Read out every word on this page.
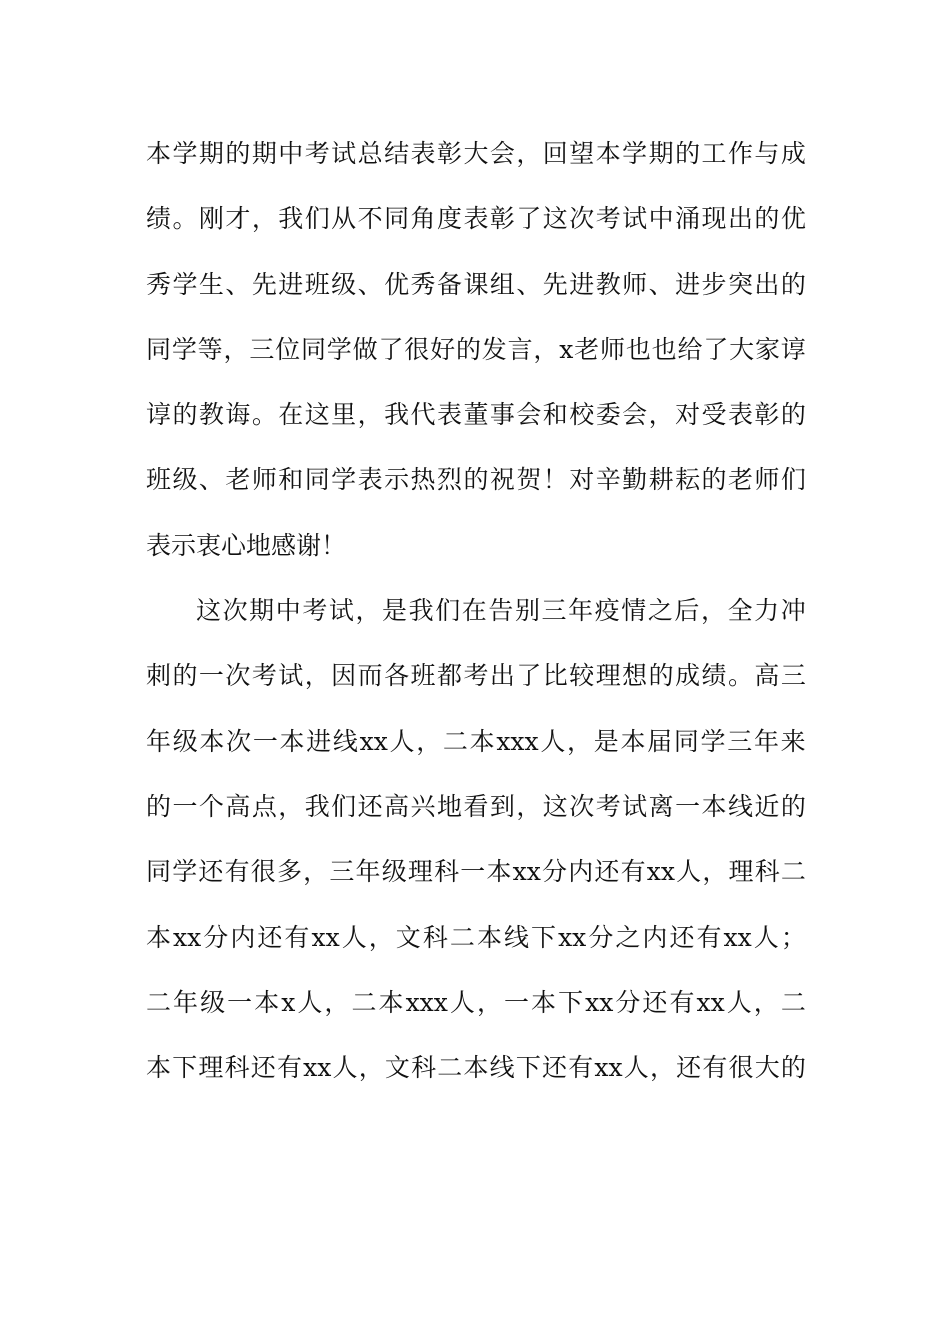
本 学 期 的 期 中 考 试 总 结 表 彰 大 会 ， 回 望 本 学 期 的 工 作 与 成
绩 。 刚 才 ， 我 们 从 不 同 角 度 表 彰 了 这 次 考 试 中 涌 现 出 的 优
秀 学 生 、 先 进 班 级 、 优 秀 备 课 组 、 先 进 教 师 、 进 步 突 出 的
同 学 等 ， 三 位 同 学 做 了 很 好 的 发 言 ， x 老 师 也 也 给 了 大 家 谆
谆 的 教 诲 。 在 这 里 ， 我 代 表 董 事 会 和 校 委 会 ， 对 受 表 彰 的
班 级 、 老 师 和 同 学 表 示 热 烈 的 祝 贺 ！ 对 辛 勤 耕 耘 的 老 师 们
表示衷心地感谢！
这 次 期 中 考 试 ， 是 我 们 在 告 别 三 年 疫 情 之 后 ， 全 力 冲
刺 的 一 次 考 试 ， 因 而 各 班 都 考 出 了 比 较 理 想 的 成 绩 。 高 三
年 级 本 次 一 本 进 线 xx 人 ， 二 本 xxx 人 ， 是 本 届 同 学 三 年 来
的 一 个 高 点 ， 我 们 还 高 兴 地 看 到 ， 这 次 考 试 离 一 本 线 近 的
同 学 还 有 很 多 ， 三 年 级 理 科 一 本 xx 分 内 还 有 xx 人 ， 理 科 二
本 xx 分 内 还 有 xx 人 ， 文 科 二 本 线 下 xx 分 之 内 还 有 xx 人 ；
二 年 级 一 本 x 人 ， 二 本 xxx 人 ， 一 本 下 xx 分 还 有 xx 人 ， 二
本 下 理 科 还 有 xx 人 ， 文 科 二 本 线 下 还 有 xx 人 ， 还 有 很 大 的
